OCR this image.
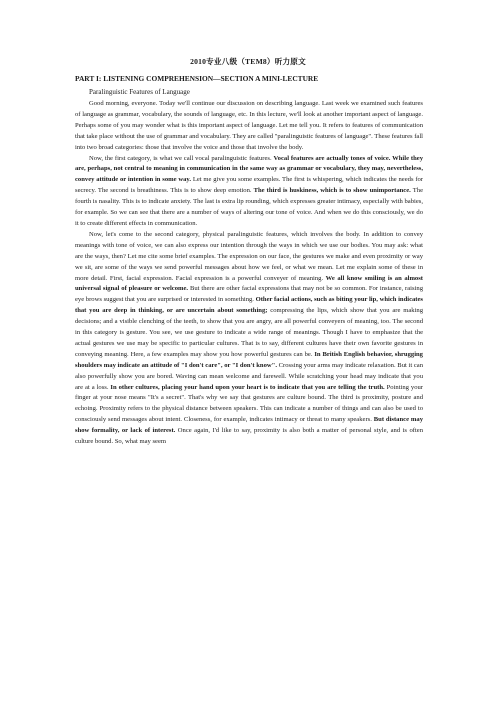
2010专业八级（TEM8）听力原文
PART I: LISTENING COMPREHENSION—SECTION A MINI-LECTURE
Paralinguistic Features of Language

Good morning, everyone. Today we'll continue our discussion on describing language. Last week we examined such features of language as grammar, vocabulary, the sounds of language, etc. In this lecture, we'll look at another important aspect of language. Perhaps some of you may wonder what is this important aspect of language. Let me tell you. It refers to features of communication that take place without the use of grammar and vocabulary. They are called "paralinguistic features of language". These features fall into two broad categories: those that involve the voice and those that involve the body.

Now, the first category, is what we call vocal paralinguistic features. Vocal features are actually tones of voice. While they are, perhaps, not central to meaning in communication in the same way as grammar or vocabulary, they may, nevertheless, convey attitude or intention in some way. Let me give you some examples. The first is whispering, which indicates the needs for secrecy. The second is breathiness. This is to show deep emotion. The third is huskiness, which is to show unimportance. The fourth is nasality. This is to indicate anxiety. The last is extra lip rounding, which expresses greater intimacy, especially with babies, for example. So we can see that there are a number of ways of altering our tone of voice. And when we do this consciously, we do it to create different effects in communication.

Now, let's come to the second category, physical paralinguistic features, which involves the body. In addition to convey meanings with tone of voice, we can also express our intention through the ways in which we use our bodies. You may ask: what are the ways, then? Let me cite some brief examples. The expression on our face, the gestures we make and even proximity or way we sit, are some of the ways we send powerful messages about how we feel, or what we mean. Let me explain some of these in more detail. First, facial expression. Facial expression is a powerful conveyer of meaning. We all know smiling is an almost universal signal of pleasure or welcome. But there are other facial expressions that may not be so common. For instance, raising eye brows suggest that you are surprised or interested in something. Other facial actions, such as biting your lip, which indicates that you are deep in thinking, or are uncertain about something; compressing the lips, which show that you are making decisions; and a visible clenching of the teeth, to show that you are angry, are all powerful conveyers of meaning, too. The second in this category is gesture. You see, we use gesture to indicate a wide range of meanings. Though I have to emphasize that the actual gestures we use may be specific to particular cultures. That is to say, different cultures have their own favorite gestures in conveying meaning. Here, a few examples may show you how powerful gestures can be. In British English behavior, shrugging shoulders may indicate an attitude of "I don't care", or "I don't know". Crossing your arms may indicate relaxation. But it can also powerfully show you are bored. Waving can mean welcome and farewell. While scratching your head may indicate that you are at a loss. In other cultures, placing your hand upon your heart is to indicate that you are telling the truth. Pointing your finger at your nose means "It's a secret". That's why we say that gestures are culture bound. The third is proximity, posture and echoing. Proximity refers to the physical distance between speakers. This can indicate a number of things and can also be used to consciously send messages about intent. Closeness, for example, indicates intimacy or threat to many speakers. But distance may show formality, or lack of interest. Once again, I'd like to say, proximity is also both a matter of personal style, and is often culture bound. So, what may seem
